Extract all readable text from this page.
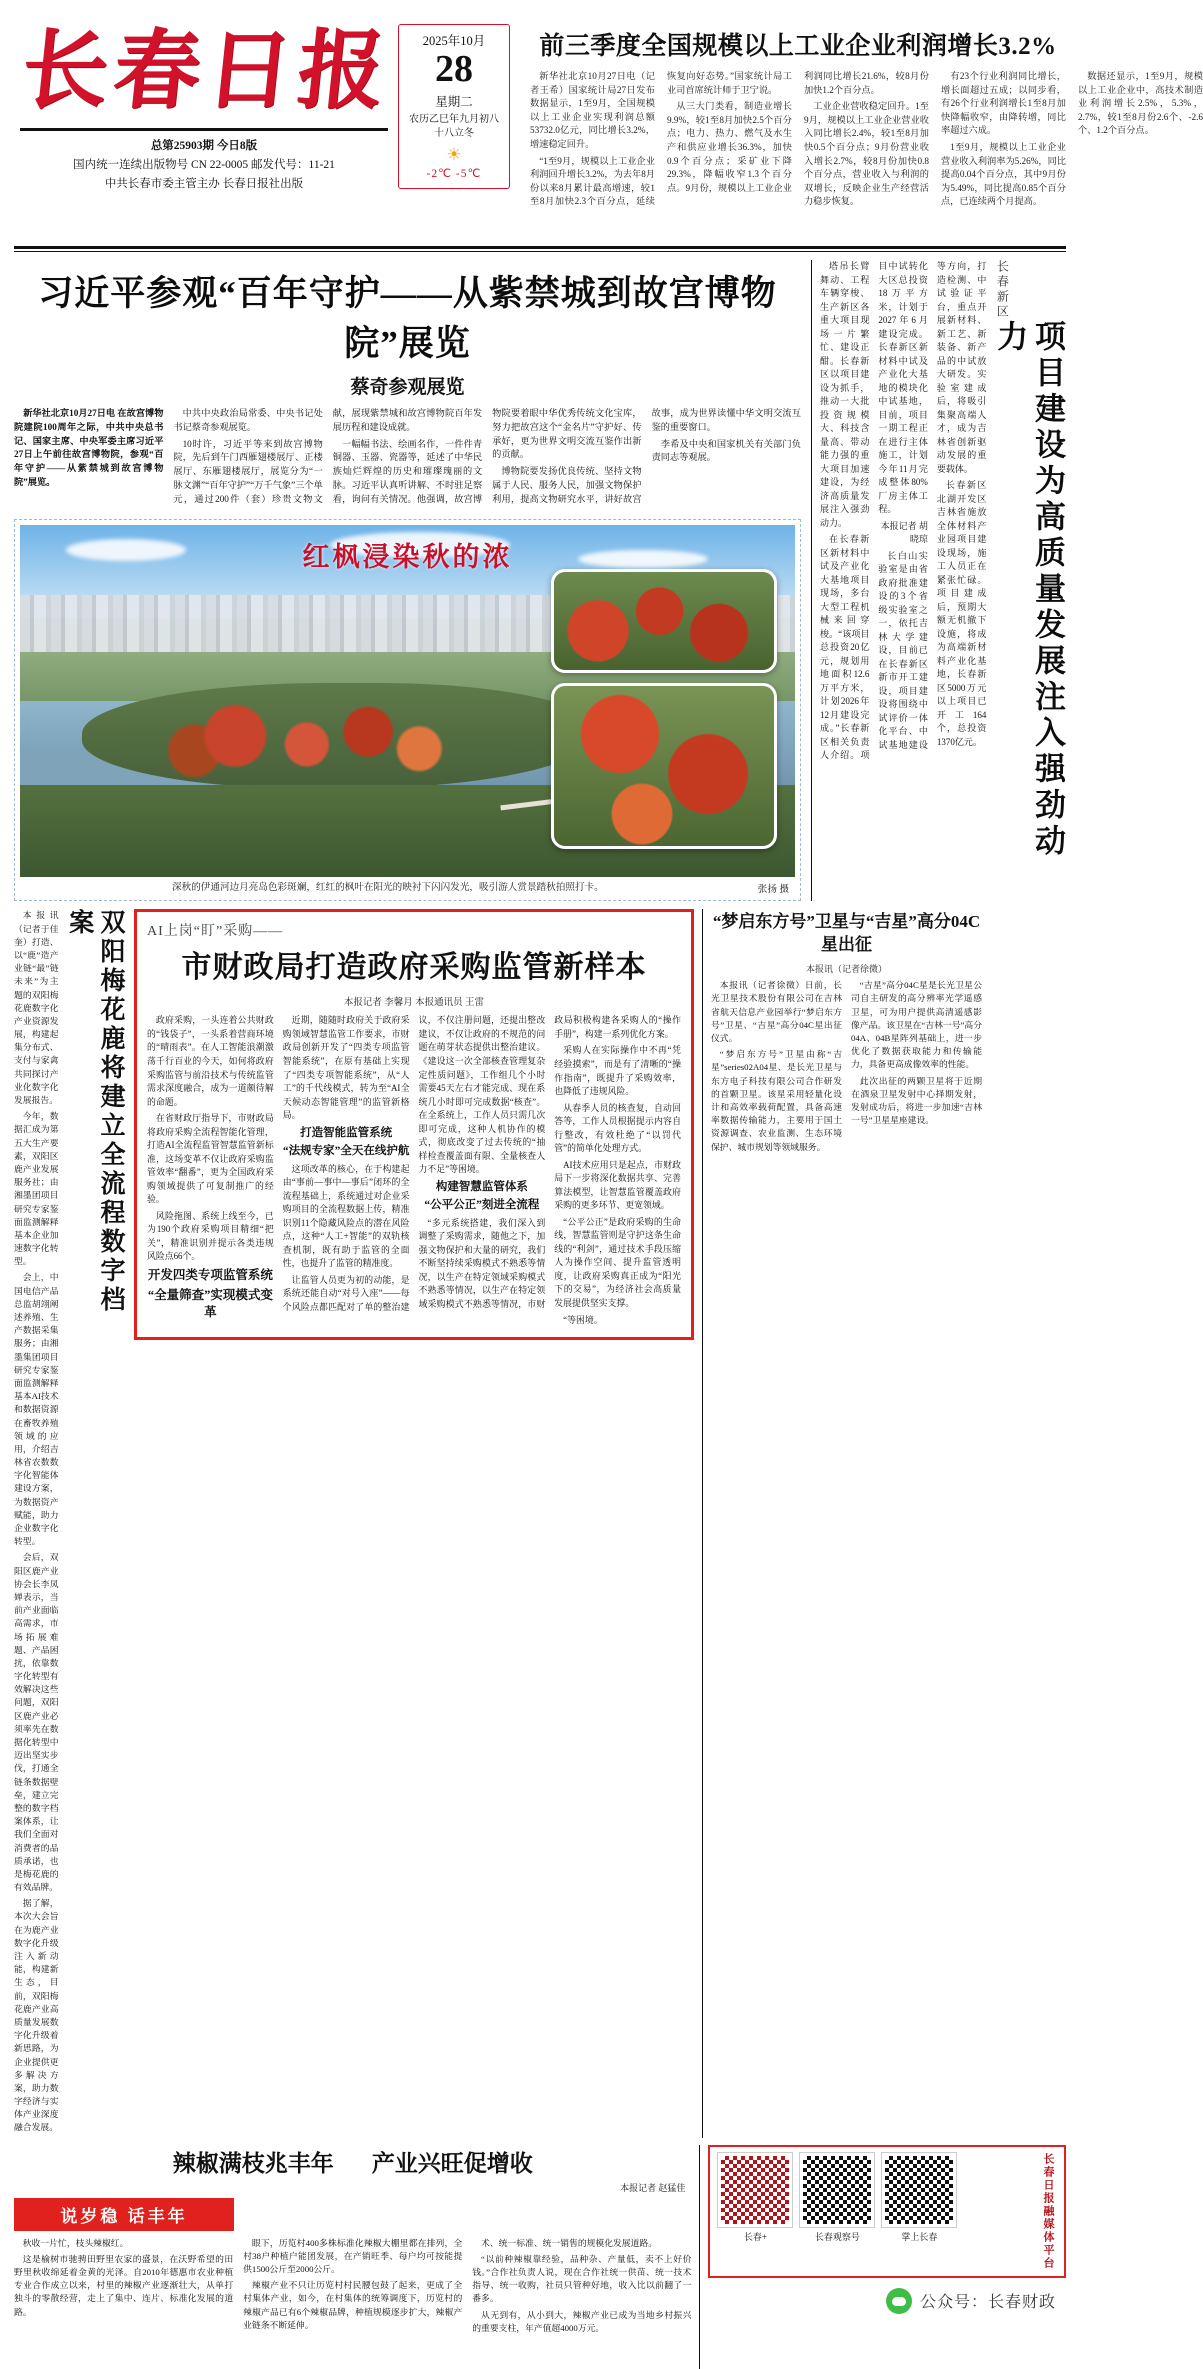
长春日报
总第25903期 今日8版
国内统一连续出版物号 CN 22-0005 邮发代号：11-21
中共长春市委主管主办 长春日报社出版
2025年10月
28
星期二
农历乙巳年九月初八
十八立冬
☀
-2℃ -5℃
前三季度全国规模以上工业企业利润增长3.2%

新华社北京10月27日电（记者王希）国家统计局27日发布数据显示，1至9月，全国规模以上工业企业实现利润总额53732.0亿元，同比增长3.2%，增速稳定回升。

“1至9月，规模以上工业企业利润回升增长3.2%，为去年8月份以来8月累计最高增速，较1至8月加快2.3个百分点，延续恢复向好态势。”国家统计局工业司首席统计师于卫宁说。

从三大门类看，制造业增长9.9%，较1至8月加快2.5个百分点；电力、热力、燃气及水生产和供应业增长36.3%，加快0.9个百分点；采矿业下降29.3%，降幅收窄1.3个百分点。9月份，规模以上工业企业利润同比增长21.6%，较8月份加快1.2个百分点。

工业企业营收稳定回升。1至9月，规模以上工业企业营业收入同比增长2.4%，较1至8月加快0.5个百分点；9月份营业收入增长2.7%，较8月份加快0.8个百分点，营业收入与利润的双增长，反映企业生产经营活力稳步恢复。

有23个行业利润同比增长，增长面超过五成；以同步看，有26个行业利润增长1至8月加快降幅收窄，由降转增，同比率超过六成。

1至9月，规模以上工业企业营业收入利润率为5.26%，同比提高0.04个百分点，其中9月份为5.49%，同比提高0.85个百分点，已连续两个月提高。

数据还显示，1至9月，规模以上工业企业中，高技术制造业利润增长2.5%，5.3%，2.7%，较1至8月份2.6个、-2.6个、1.2个百分点。

习近平参观“百年守护——从紫禁城到故宫博物院”展览
蔡奇参观展览

新华社北京10月27日电 在故宫博物院建院100周年之际，中共中央总书记、国家主席、中央军委主席习近平27日上午前往故宫博物院，参观“百年守护——从紫禁城到故宫博物院”展览。

中共中央政治局常委、中央书记处书记蔡奇参观展览。

10时许，习近平等来到故宫博物院，先后到午门西雁翅楼展厅、正楼展厅、东雁翅楼展厅，展览分为“一脉文渊”“百年守护”“万千气象”三个单元，通过200件（套）珍贵文物文献，展现紫禁城和故宫博物院百年发展历程和建设成就。

一幅幅书法、绘画名作，一件件青铜器、玉器、瓷器等，延述了中华民族灿烂辉煌的历史和璀璨瑰丽的文脉。习近平认真听讲解、不时驻足察看，询问有关情况。他强调，故宫博物院要着眼中华优秀传统文化宝库，努力把故宫这个“金名片”守护好、传承好，更为世界文明交流互鉴作出新的贡献。

博物院要发扬优良传统、坚持文物属于人民、服务人民，加强文物保护利用，提高文物研究水平，讲好故宫故事，成为世界读懂中华文明交流互鉴的重要窗口。

李希及中央和国家机关有关部门负责同志等观展。

红枫浸染秋的浓
深秋的伊通河边月亮岛色彩斑斓，红红的枫叶在阳光的映衬下闪闪发光，吸引游人赏景踏秋拍照打卡。	张扬 摄
长春新区
项目建设为高质量发展注入强劲动力

塔吊长臂舞动、工程车辆穿梭、生产新区各重大项目现场一片繁忙、建设正酣。长春新区以项目建设为抓手，推动一大批投资规模大、科技含量高、带动能力强的重大项目加速建设，为经济高质量发展注入强劲动力。

在长春新区新材料中试及产业化大基地项目现场，多台大型工程机械来回穿梭。“该项目总投资20亿元，规划用地面积12.6万平方米，计划2026年12月建设完成。”长春新区相关负责人介绍。项目中试转化大区总投资18万平方米，计划于2027年6月建设完成。长春新区新材料中试及产业化大基地的模块化中试基地，目前，项目一期工程正在进行主体施工，计划今年11月完成整体80%厂房主体工程。

本报记者 胡晓琼

长白山实验室是由省政府批准建设的3个省级实验室之一，依托吉林大学建设，目前已在长春新区新市开工建设，项目建设将围绕中试评价一体化平台、中试基地建设等方向，打造检测、中试验证平台，重点开展新材料、新工艺、新装备、新产品的中试放大研发。实验室建成后，将吸引集聚高端人才，成为吉林省创新驱动发展的重要载体。

长春新区北湖开发区吉林省施放全体材料产业园项目建设现场，施工人员正在紧张忙碌。项目建成后，预期大额无机撤下设施，将成为高端新材料产业化基地，长春新区5000万元以上项目已开工164个，总投资1370亿元。

双阳梅花鹿将建立全流程数字档案

本报讯（记者于佳奎）打造、以“鹿”造产业链“最”链未来”为主题的双阳梅花鹿数字化产业资源发展，构建起集分布式、支付与家禽共同探讨产业化数字化发展报告。

今年，数据汇成为第五大生产要素，双阳区鹿产业发展服务社；由湘墨团项目研究专家鉴面监测解释基本企业加速数字化转型。

会上，中国电信产品总监胡翊阐述养殖、生产数据采集服务；由湘墨集团项目研究专家鉴面监测解释基本AI技术和数据资源在畜牧养殖领域的应用，介绍吉林省农数数字化智能体建设方案，为数据资产赋能，助力企业数字化转型。

会后，双阳区鹿产业协会长李凤婵表示，当前产业面临高需求，市场拓展难题、产品困扰，依靠数字化转型有效解决这些问题，双阳区鹿产业必须率先在数据化转型中迈出坚实步伐，打通全链条数据壁垒，建立完整的数字档案体系，让我们全面对消费者的品质承诺，也是梅花鹿的有效品牌。

据了解，本次大会旨在为鹿产业数字化升级注入新动能，构建新生态，目前，双阳梅花鹿产业高质量发展数字化升级着新思路，为企业提供更多解决方案，助力数字经济与实体产业深度融合发展。

AI上岗“盯”采购——
市财政局打造政府采购监管新样本
本报记者 李馨月 本报通讯员 王雷

政府采购，一头连着公共财政的“钱袋子”，一头系着营商环境的“晴雨表”。在人工智能浪潮激荡千行百业的今天，如何将政府采购监管与前沿技术与传统监管需求深度融合，成为一道颇待解的命题。

在省财政厅指导下，市财政局将政府采购全流程智能化管理，打造AI全流程监管智慧监管新标准，这场变革不仅让政府采购监管效率“翻番”，更为全国政府采购领域提供了可复制推广的经验。

风险拖图、系统上线至今，已为190个政府采购项目精细“把关”，精准识别并提示各类违规风险点66个。

开发四类专项监管系统

“全量筛查”实现模式变革

近期，随随时政府关于政府采购领域智慧监管工作要求，市财政局创新开发了“四类专项监管智能系统”，在原有基础上实现了“四类专项智能系统”，从“人工”的千代线模式，转为至“AI全天候动态智能管理”的监管新格局。

打造智能监管系统

“法规专家”全天在线护航

这项改革的核心，在于构建起由“事前—事中—事后”闭环的全流程基础上，系统通过对企业采购项目的全流程数据上传，精准识别11个隐藏风险点的潜在风险点，这种“人工+智能”的双轨核查机制，既有助于监管的全面性，也提升了监管的精准度。

让监管人员更为初的动能，是系统还能自动“对号入座”——每个风险点都匹配对了单的整治建议，不仅注册问题，还提出整改建议，不仅让政府的不规范的问题在萌芽状态提供出整治建议。《建设这一次全部核查管理复杂定性质问题》，工作组几个小时需要45天左右才能完成、现在系统几小时即可完成数据“核查”。在全系统上，工作人员只需几次即可完成，这种人机协作的模式，彻底改变了过去传统的“抽样检查覆盖面有限、全量核查人力不足”等困境。

构建智慧监管体系

“公平公正”刻进全流程

“多元系统搭建，我们深入到调整了采购需求，随他之下，加强文物保护和大量的研究，我们不断坚持续采购模式不熟悉等情况，以生产在特定领域采购模式不熟悉等情况，以生产在特定领域采购模式不熟悉等情况，市财政局积极构建各采购人的“操作手册”，构建一系列优化方案。

采购人在实际操作中不再“凭经验摸索”，而是有了清晰的“操作指南”，既提升了采购效率，也降低了违规风险。

从春季人员的核查复，自动回答等，工作人员根据提示内容自行整改，有效杜绝了“以罚代管”的简单化处理方式。

AI技术应用只是起点，市财政局下一步将深化数据共享、完善算法模型，让智慧监管覆盖政府采购的更多环节、更宽领域。

“公平公正”是政府采购的生命线，智慧监管则是守护这条生命线的“利剑”，通过技术手段压缩人为操作空间、提升监管透明度，让政府采购真正成为“阳光下的交易”，为经济社会高质量发展提供坚实支撑。

“等困境。

“梦启东方号”卫星与“吉星”高分04C星出征
本报讯（记者徐微）

本报讯（记者徐微）日前，长光卫星技术股份有限公司在吉林省航天信息产业园举行“梦启东方号”卫星、“吉星”高分04C星出征仪式。

“梦启东方号”卫星由称“吉星”series02A04星、是长光卫星与东方电子科技有限公司合作研发的首颗卫星。该星采用轻量化设计和高效率载荷配置，具备高速率数据传输能力，主要用于国土资源调查、农业监测、生态环境保护、城市规划等领域服务。

“吉星”高分04C星是长光卫星公司自主研发的高分辨率光学遥感卫星，可为用户提供高清遥感影像产品。该卫星在“吉林一号”高分04A、04B星阵列基础上，进一步优化了数据获取能力和传输能力，具备更高成像效率的性能。

此次出征的两颗卫星将于近期在酒泉卫星发射中心择期发射，发射成功后，将进一步加速“吉林一号”卫星星座建设。

辣椒满枝兆丰年 产业兴旺促增收
本报记者 赵猛佳
说岁稳 话丰年

秋收一片忙，枝头辣椒红。

这是榆树市驰骋田野里农家的盛景，在沃野希望的田野里秋收绵延着金黄的光泽。自2010年德惠市农业种植专业合作成立以来，村里的辣椒产业逐渐壮大，从单打独斗的零散经营，走上了集中、连片、标准化发展的道路。

眼下，历览村400多株标准化辣椒大棚里都在排列，全村38户种植户能团发展，在产销旺季、每户均可按能提供1500公斤至2000公斤。

辣椒产业不只让历览村村民腰包鼓了起来，更成了全村集体产业，如今，在村集体的统筹调度下，历览村的辣椒产品已有6个辣椒品牌，种植规模逐步扩大，辣椒产业链条不断延伸。

术、统一标准、统一销售的规模化发展道路。

“以前种辣椒靠经验，品种杂、产量低，卖不上好价钱。”合作社负责人说，现在合作社统一供苗、统一技术指导、统一收购，社员只管种好地，收入比以前翻了一番多。

从无到有，从小到大，辣椒产业已成为当地乡村振兴的重要支柱，年产值超4000万元。

长春+	长春观察号	掌上长春	长春日报融媒体平台
公众号：长春财政
